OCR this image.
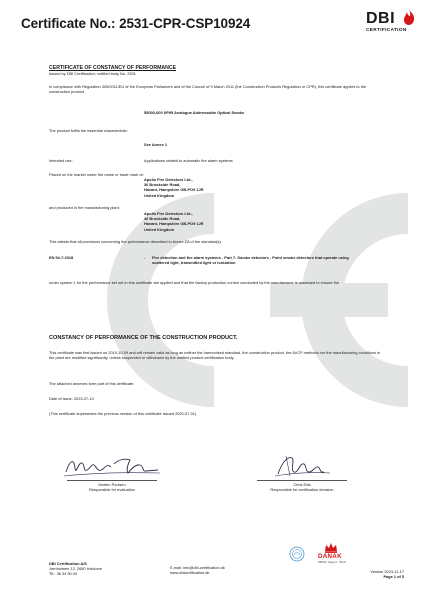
Certificate No.: 2531-CPR-CSP10924	DBI
CERTIFICATION
CERTIFICATE OF CONSTANCY OF PERFORMANCE
Issued by DBI Certification, notified body No. 2531
In compliance with Regulation 305/2011/EU of the European Parliament and of the Council of 9 March 2011 (the Construction Products Regulation or CPR), this certificate applies to the construction product
55000-600 XP95 Analogue Addressable Optical Smoke
The product fulfils the essential characteristic:
See Annex 1
Intended use:	Applications related to automatic fire alarm systems
Placed on the market under the name or trade mark of:
Apollo Fire Detectors Ltd.,
36 Brookside Road,
Havant, Hampshire GB-PO9 1JR
United Kingdom
and produced in the manufacturing plant:
Apollo Fire Detectors Ltd.,
36 Brookside Road,
Havant, Hampshire GB-PO9 1JR
United Kingdom
This attests that all provisions concerning the performance described in Annex ZA of the standard(s)
EN 54-7:2018	- Fire detection and fire alarm systems - Part 7: Smoke detectors - Point smoke detectors that operate using scattered light, transmitted light or ionization
under system 1 for the performance set out in this certificate are applied and that the factory production control conducted by the manufacturer is assessed to ensure the
CONSTANCY OF PERFORMANCE OF THE CONSTRUCTION PRODUCT.
This certificate was first issued on 2019-10-09 and will remain valid as long as neither the harmonised standard, the construction product, the AVCP methods nor the manufacturing conditions in the plant are modified significantly, unless suspended or withdrawn by the notified product certification body.
The attached annexes form part of this certificate.
Date of issue: 2023-07-14
(This certificate supersedes the previous version of this certificate issued 2020-07-01)
Morten Poulsen
Responsible for evaluation
Chris Ellis
Responsible for certification decision
DBI Certification A/S
Jernholmen 12, 2650 Hvidovre
Tlf.: 36 34 90 00
E-mail: info@dbi-certification.dk
www.dbicertification.dk
DANAK
PROD. Reg.nr. 7010
Version 2023-11-17
Page 1 of 5
